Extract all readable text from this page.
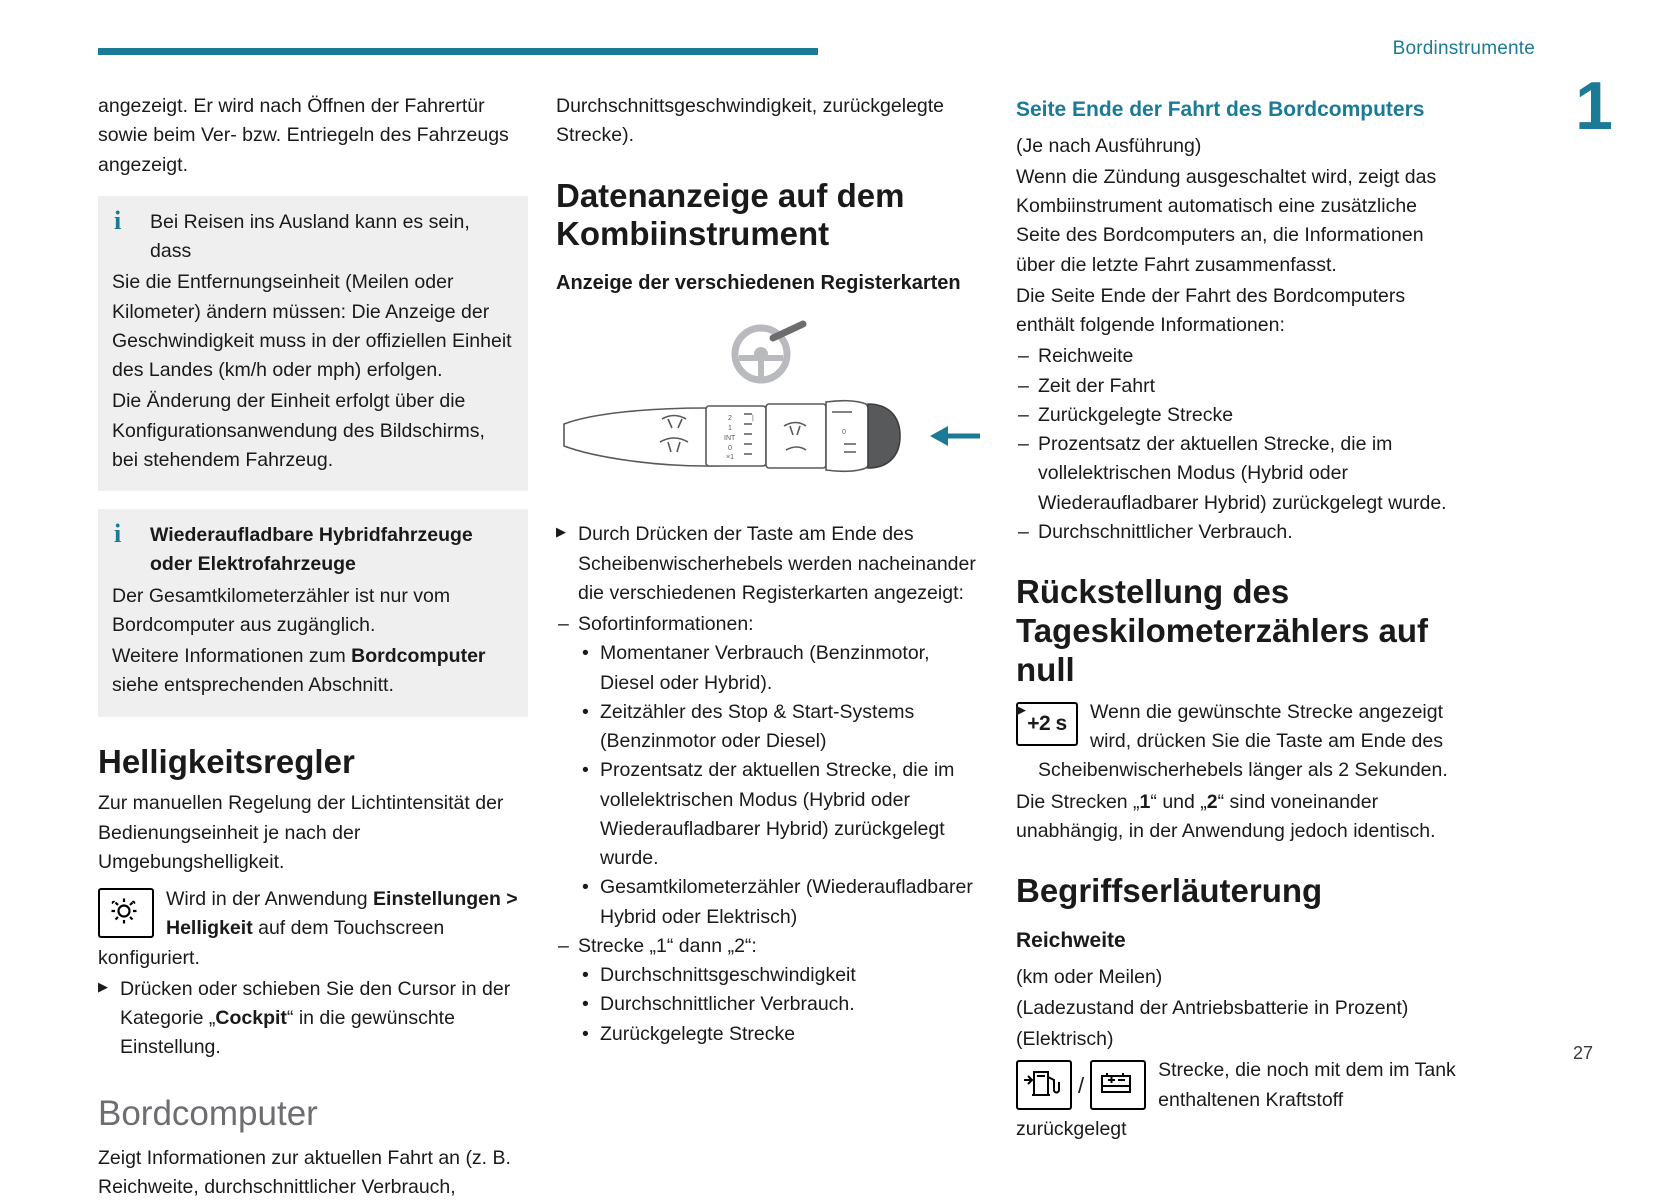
Bordinstrumente
1
27

angezeigt. Er wird nach Öffnen der Fahrertür sowie beim Ver- bzw. Entriegeln des Fahrzeugs angezeigt.

i	Bei Reisen ins Ausland kann es sein, dass

Sie die Entfernungseinheit (Meilen oder Kilometer) ändern müssen: Die Anzeige der Geschwindigkeit muss in der offiziellen Einheit des Landes (km/h oder mph) erfolgen.

Die Änderung der Einheit erfolgt über die Konfigurationsanwendung des Bildschirms, bei stehendem Fahrzeug.

i	Wiederaufladbare Hybridfahrzeuge oder Elektrofahrzeuge

Der Gesamtkilometerzähler ist nur vom Bordcomputer aus zugänglich.

Weitere Informationen zum Bordcomputer siehe entsprechenden Abschnitt.

Helligkeitsregler

Zur manuellen Regelung der Lichtintensität der Bedienungseinheit je nach der Umgebungshelligkeit.

Wird in der Anwendung Einstellungen > Helligkeit auf dem Touchscreen konfiguriert.

▶ Drücken oder schieben Sie den Cursor in der Kategorie „Cockpit“ in die gewünschte Einstellung.

Bordcomputer

Zeigt Informationen zur aktuellen Fahrt an (z. B. Reichweite, durchschnittlicher Verbrauch,

Durchschnittsgeschwindigkeit, zurückgelegte Strecke).

Datenanzeige auf dem Kombiinstrument
Anzeige der verschiedenen Registerkarten
2
1
INT
0
×1
|
0

▶ Durch Drücken der Taste am Ende des Scheibenwischerhebels werden nacheinander die verschiedenen Registerkarten angezeigt:

– Sofortinformationen:
• Momentaner Verbrauch (Benzinmotor, Diesel oder Hybrid).
• Zeitzähler des Stop & Start-Systems (Benzinmotor oder Diesel)
• Prozentsatz der aktuellen Strecke, die im vollelektrischen Modus (Hybrid oder Wiederaufladbarer Hybrid) zurückgelegt wurde.
• Gesamtkilometerzähler (Wiederaufladbarer Hybrid oder Elektrisch)
– Strecke „1“ dann „2“:
• Durchschnittsgeschwindigkeit
• Durchschnittlicher Verbrauch.
• Zurückgelegte Strecke
Seite Ende der Fahrt des Bordcomputers

(Je nach Ausführung)

Wenn die Zündung ausgeschaltet wird, zeigt das Kombiinstrument automatisch eine zusätzliche Seite des Bordcomputers an, die Informationen über die letzte Fahrt zusammenfasst.

Die Seite Ende der Fahrt des Bordcomputers enthält folgende Informationen:

– Reichweite
– Zeit der Fahrt
– Zurückgelegte Strecke
– Prozentsatz der aktuellen Strecke, die im vollelektrischen Modus (Hybrid oder Wiederaufladbarer Hybrid) zurückgelegt wurde.
– Durchschnittlicher Verbrauch.
Rückstellung des Tageskilometerzählers auf null
+2 s	▶ Wenn die gewünschte Strecke angezeigt wird, drücken Sie die Taste am Ende des Scheibenwischerhebels länger als 2 Sekunden.

Die Strecken „1“ und „2“ sind voneinander unabhängig, in der Anwendung jedoch identisch.

Begriffserläuterung
Reichweite

(km oder Meilen)

(Ladezustand der Antriebsbatterie in Prozent)

(Elektrisch)

/

Strecke, die noch mit dem im Tank enthaltenen Kraftstoff zurückgelegt
